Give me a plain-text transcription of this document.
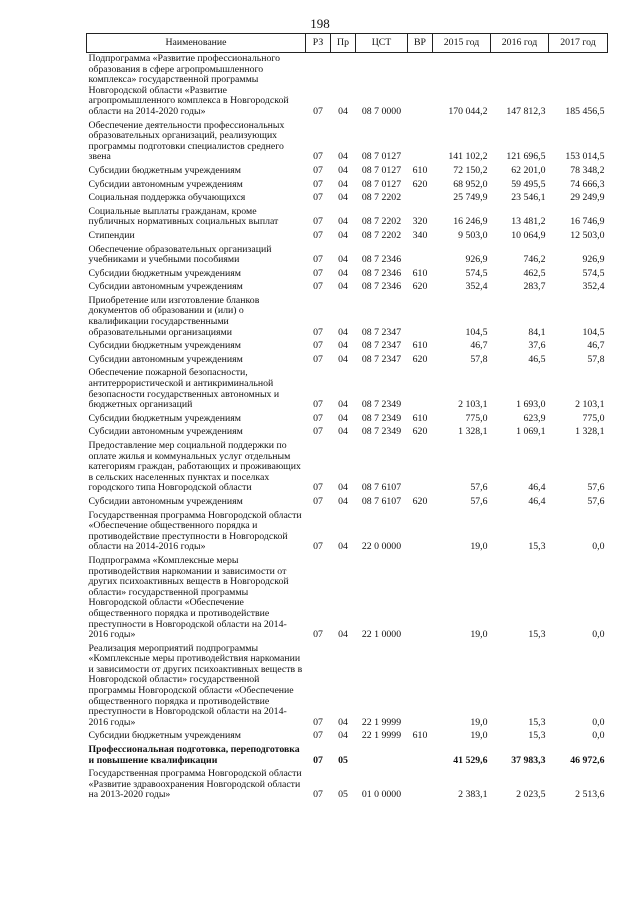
198
Наименование	РЗ	Пр	ЦСТ	ВР	2015 год	2016 год	2017 год
Подпрограмма «Развитие профессионального образования в сфере агропромышленного комплекса» государственной программы Новгородской области «Развитие агропромышленного комплекса в Новгородской области на 2014-2020 годы»	07	04	08 7 0000		170 044,2	147 812,3	185 456,5
Обеспечение деятельности профессиональных образовательных организаций, реализующих программы подготовки специалистов среднего звена	07	04	08 7 0127		141 102,2	121 696,5	153 014,5
Субсидии бюджетным учреждениям	07	04	08 7 0127	610	72 150,2	62 201,0	78 348,2
Субсидии автономным учреждениям	07	04	08 7 0127	620	68 952,0	59 495,5	74 666,3
Социальная поддержка обучающихся	07	04	08 7 2202		25 749,9	23 546,1	29 249,9
Социальные выплаты гражданам, кроме публичных нормативных социальных выплат	07	04	08 7 2202	320	16 246,9	13 481,2	16 746,9
Стипендии	07	04	08 7 2202	340	9 503,0	10 064,9	12 503,0
Обеспечение образовательных организаций учебниками и учебными пособиями	07	04	08 7 2346		926,9	746,2	926,9
Субсидии бюджетным учреждениям	07	04	08 7 2346	610	574,5	462,5	574,5
Субсидии автономным учреждениям	07	04	08 7 2346	620	352,4	283,7	352,4
Приобретение или изготовление бланков документов об образовании и (или) о квалификации государственными образовательными организациями	07	04	08 7 2347		104,5	84,1	104,5
Субсидии бюджетным учреждениям	07	04	08 7 2347	610	46,7	37,6	46,7
Субсидии автономным учреждениям	07	04	08 7 2347	620	57,8	46,5	57,8
Обеспечение пожарной безопасности, антитеррористической и антикриминальной безопасности государственных автономных и бюджетных организаций	07	04	08 7 2349		2 103,1	1 693,0	2 103,1
Субсидии бюджетным учреждениям	07	04	08 7 2349	610	775,0	623,9	775,0
Субсидии автономным учреждениям	07	04	08 7 2349	620	1 328,1	1 069,1	1 328,1
Предоставление мер социальной поддержки по оплате жилья и коммунальных услуг отдельным категориям граждан, работающих и проживающих в сельских населенных пунктах и поселках городского типа Новгородской области	07	04	08 7 6107		57,6	46,4	57,6
Субсидии автономным учреждениям	07	04	08 7 6107	620	57,6	46,4	57,6
Государственная программа Новгородской области «Обеспечение общественного порядка и противодействие преступности в Новгородской области на 2014-2016 годы»	07	04	22 0 0000		19,0	15,3	0,0
Подпрограмма «Комплексные меры противодействия наркомании и зависимости от других психоактивных веществ в Новгородской области» государственной программы Новгородской области «Обеспечение общественного порядка и противодействие преступности в Новгородской области на 2014-2016 годы»	07	04	22 1 0000		19,0	15,3	0,0
Реализация мероприятий подпрограммы «Комплексные меры противодействия наркомании и зависимости от других психоактивных веществ в Новгородской области» государственной программы Новгородской области «Обеспечение общественного порядка и противодействие преступности в Новгородской области на 2014-2016 годы»	07	04	22 1 9999		19,0	15,3	0,0
Субсидии бюджетным учреждениям	07	04	22 1 9999	610	19,0	15,3	0,0
Профессиональная подготовка, переподготовка и повышение квалификации	07	05			41 529,6	37 983,3	46 972,6
Государственная программа Новгородской области «Развитие здравоохранения Новгородской области на 2013-2020 годы»	07	05	01 0 0000		2 383,1	2 023,5	2 513,6
